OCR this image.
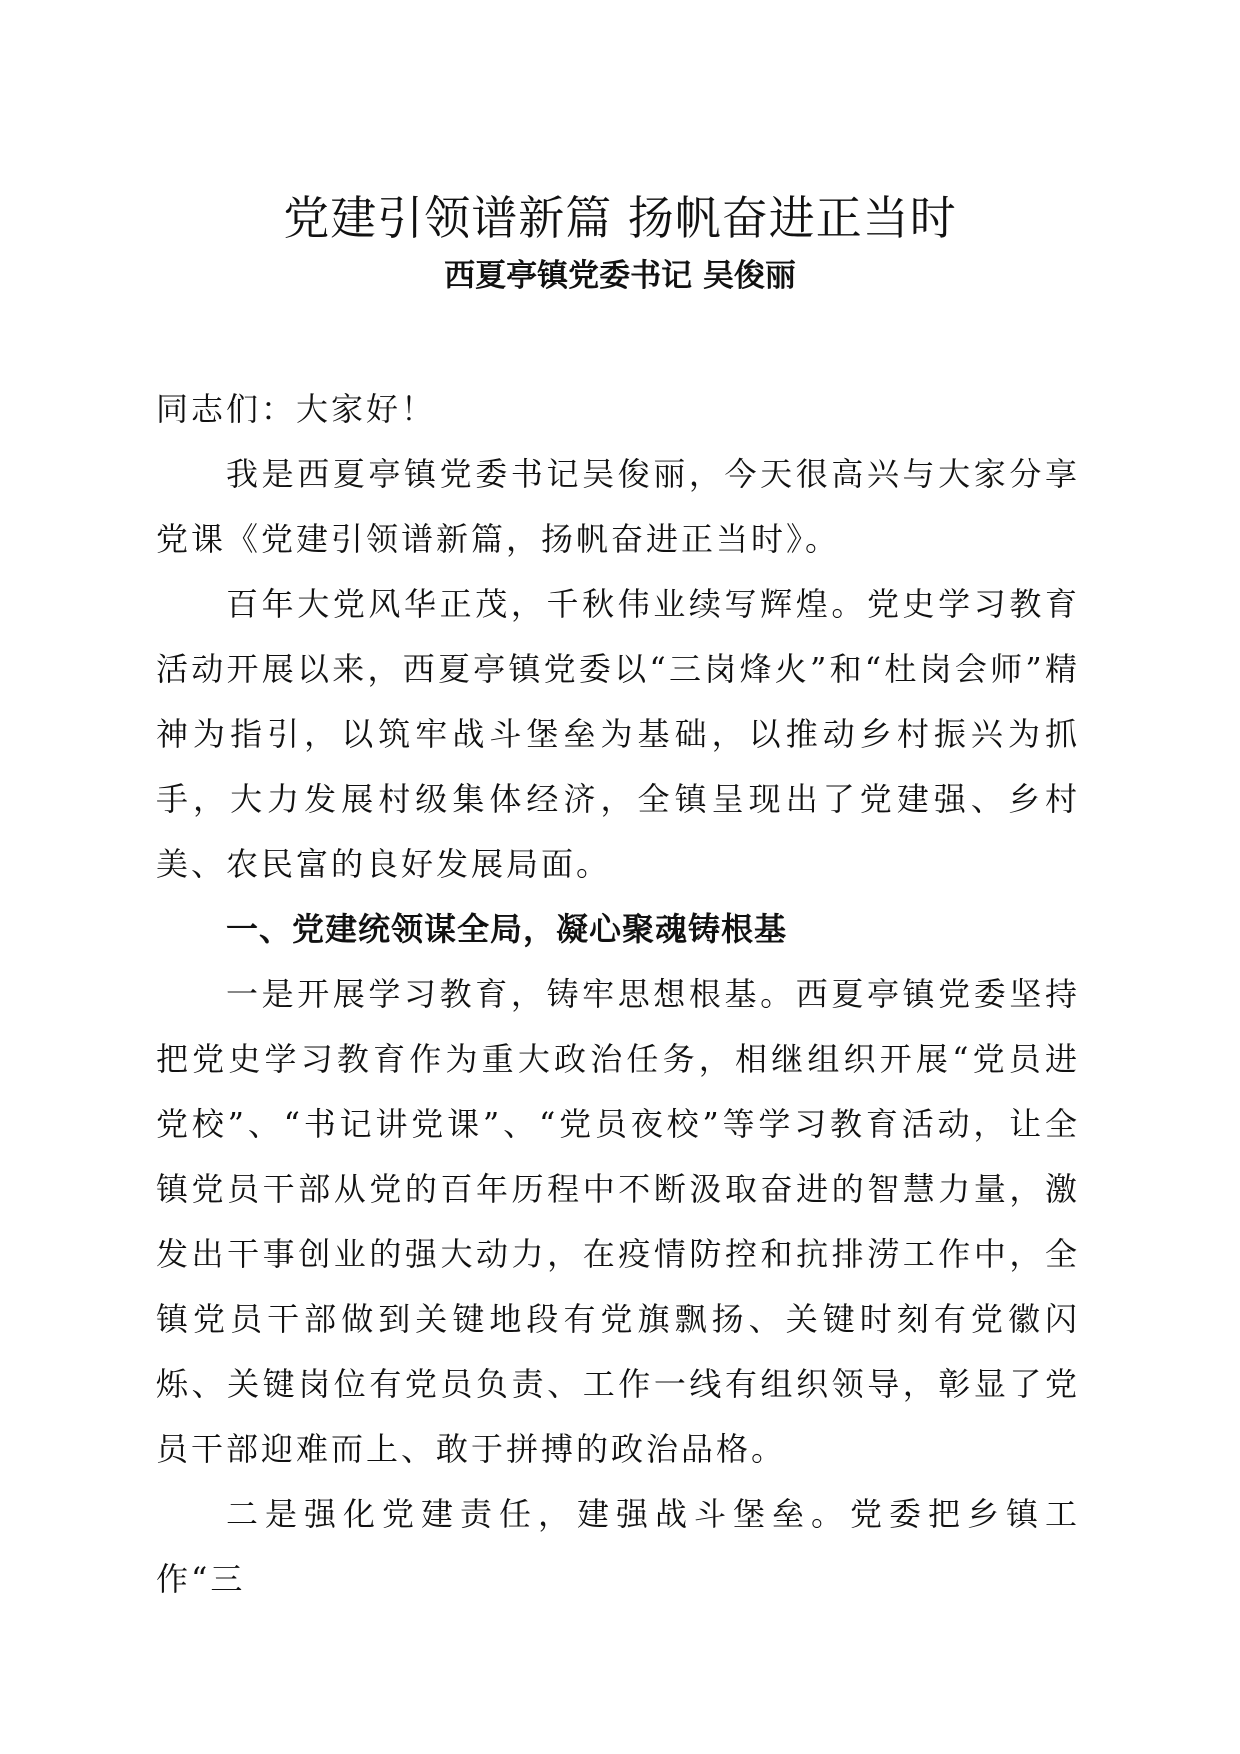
党建引领谱新篇 扬帆奋进正当时
西夏亭镇党委书记 吴俊丽

同志们：大家好！

我是西夏亭镇党委书记吴俊丽，今天很高兴与大家分享党课《党建引领谱新篇，扬帆奋进正当时》。

百年大党风华正茂，千秋伟业续写辉煌。党史学习教育活动开展以来，西夏亭镇党委以“三岗烽火”和“杜岗会师”精神为指引，以筑牢战斗堡垒为基础，以推动乡村振兴为抓手，大力发展村级集体经济，全镇呈现出了党建强、乡村美、农民富的良好发展局面。

一、党建统领谋全局，凝心聚魂铸根基

一是开展学习教育，铸牢思想根基。西夏亭镇党委坚持把党史学习教育作为重大政治任务，相继组织开展“党员进党校”、“书记讲党课”、“党员夜校”等学习教育活动，让全镇党员干部从党的百年历程中不断汲取奋进的智慧力量，激发出干事创业的强大动力，在疫情防控和抗排涝工作中，全镇党员干部做到关键地段有党旗飘扬、关键时刻有党徽闪烁、关键岗位有党员负责、工作一线有组织领导，彰显了党员干部迎难而上、敢于拼搏的政治品格。

二是强化党建责任，建强战斗堡垒。党委把乡镇工作“三
